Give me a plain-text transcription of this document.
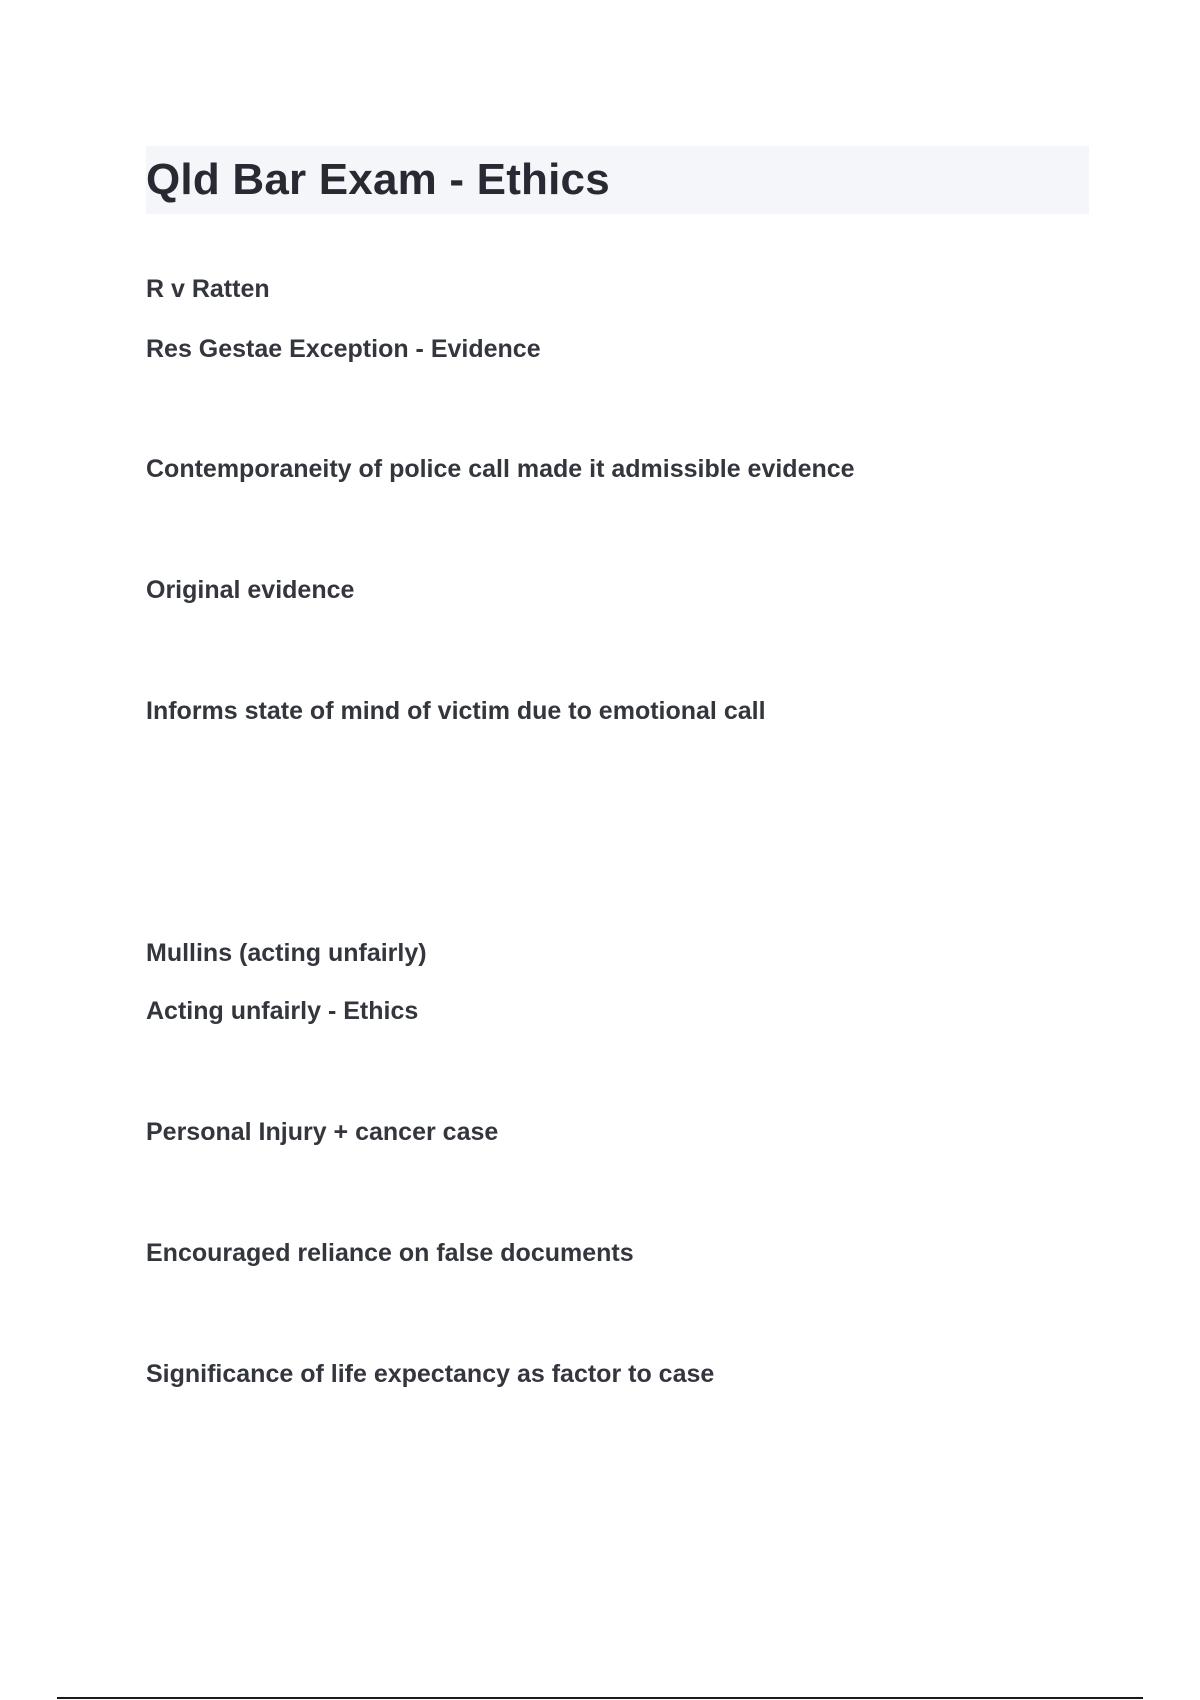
Qld Bar Exam - Ethics
R v Ratten
Res Gestae Exception - Evidence
Contemporaneity of police call made it admissible evidence
Original evidence
Informs state of mind of victim due to emotional call
Mullins (acting unfairly)
Acting unfairly - Ethics
Personal Injury + cancer case
Encouraged reliance on false documents
Significance of life expectancy as factor to case
